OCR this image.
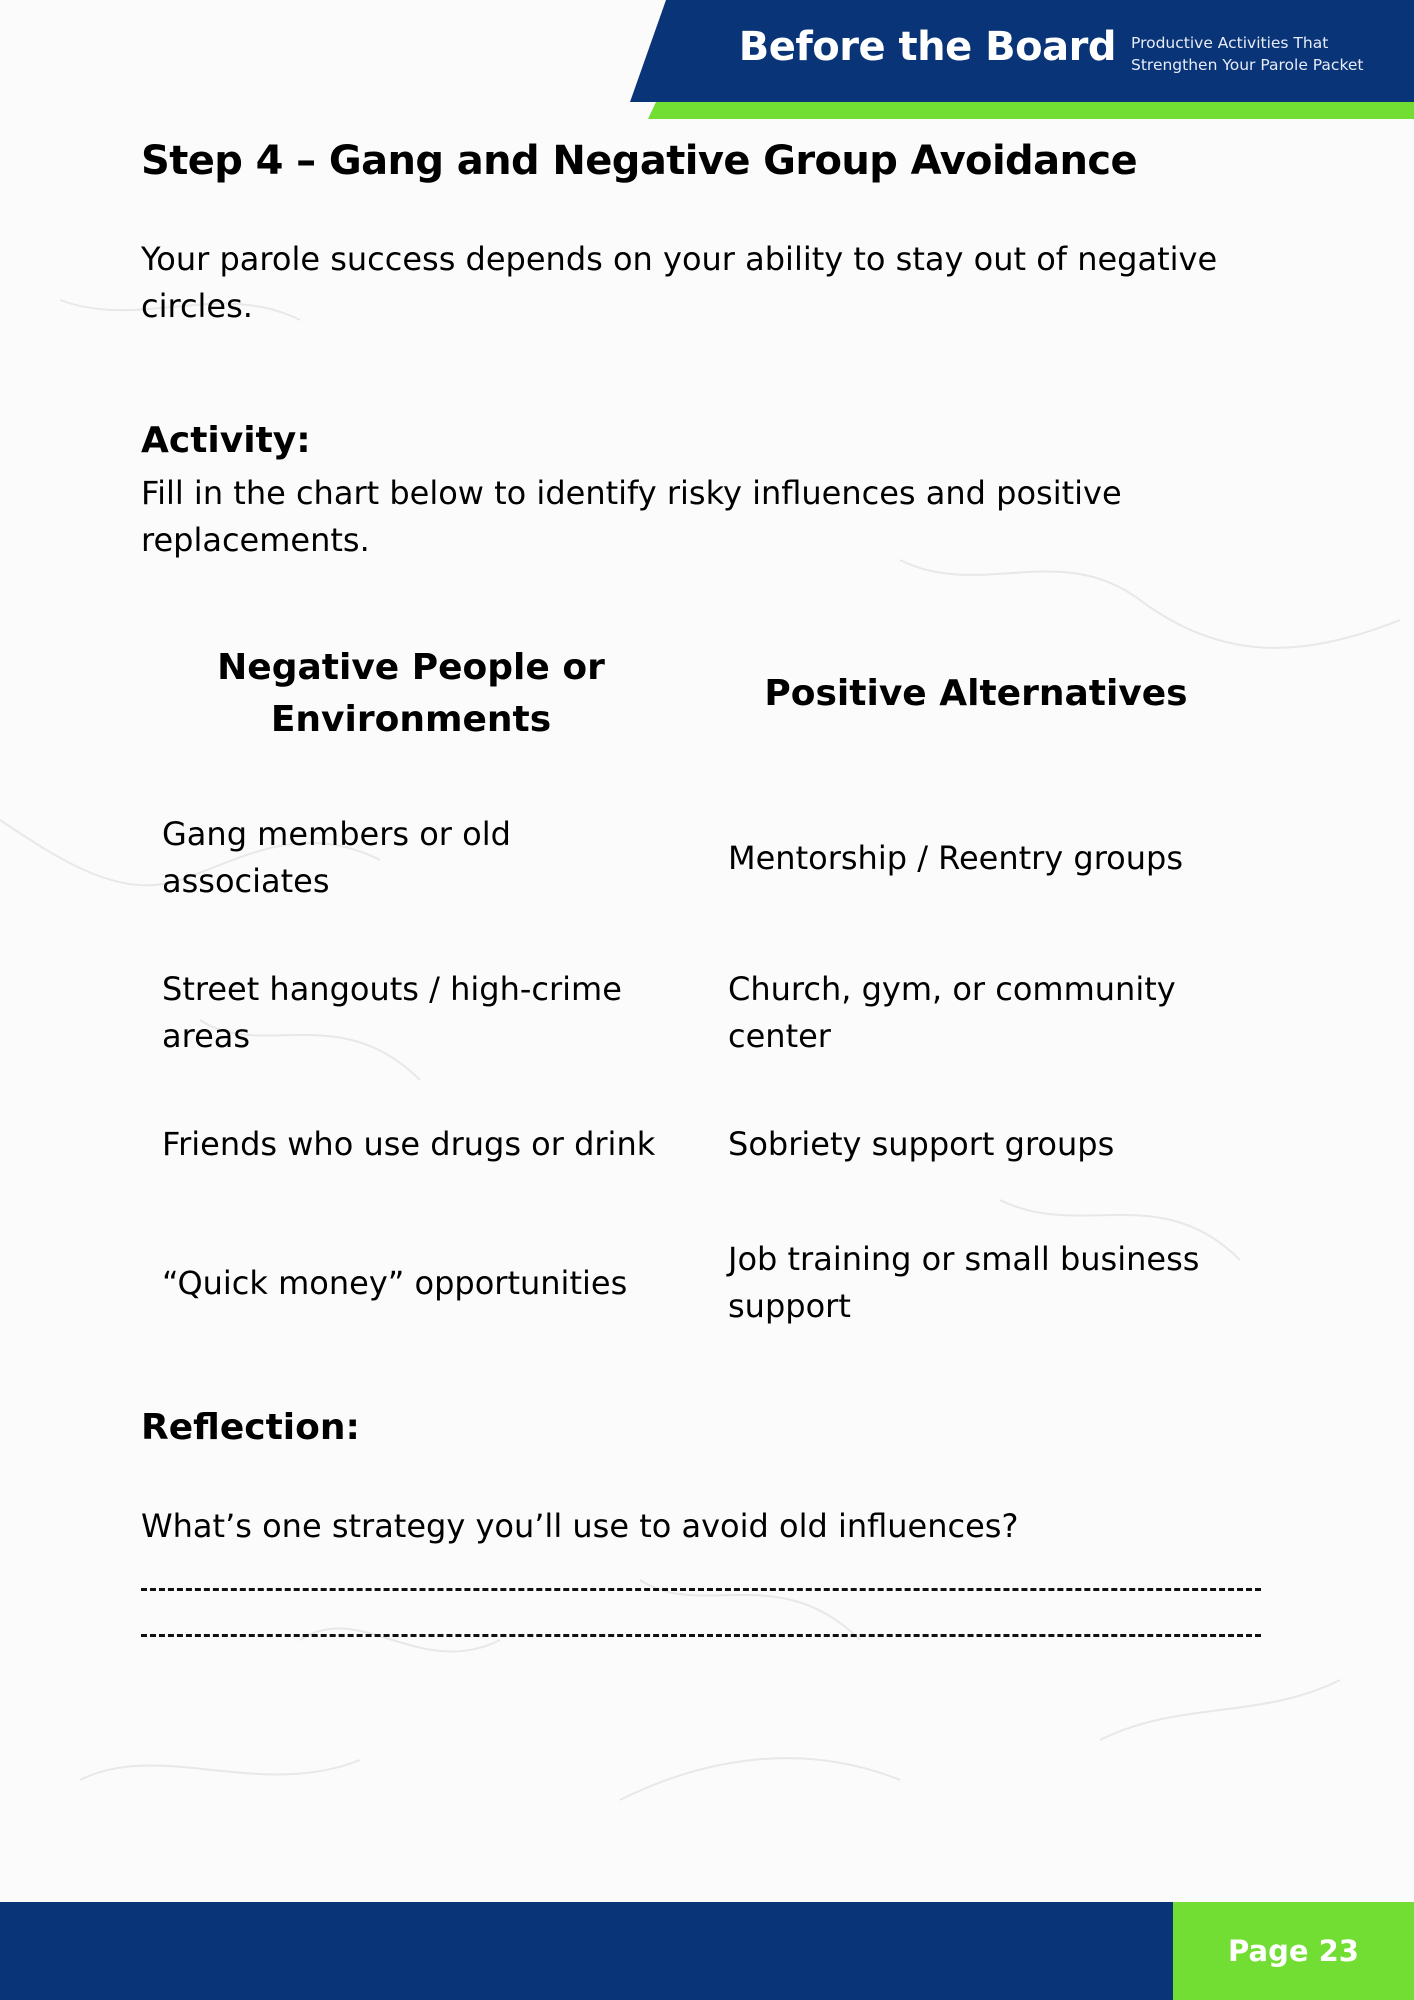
Before the Board Productive Activities That
Strengthen Your Parole Packet
Step 4 – Gang and Negative Group Avoidance

Your parole success depends on your ability to stay out of negative circles.

Activity:

Fill in the chart below to identify risky influences and positive replacements.

Negative People or Environments
Positive Alternatives
Gang members or old associates
Mentorship / Reentry groups
Street hangouts / high-crime areas
Church, gym, or community center
Friends who use drugs or drink	Sobriety support groups
“Quick money” opportunities
Job training or small business support
Reflection:

What’s one strategy you’ll use to avoid old influences?

Page 23
